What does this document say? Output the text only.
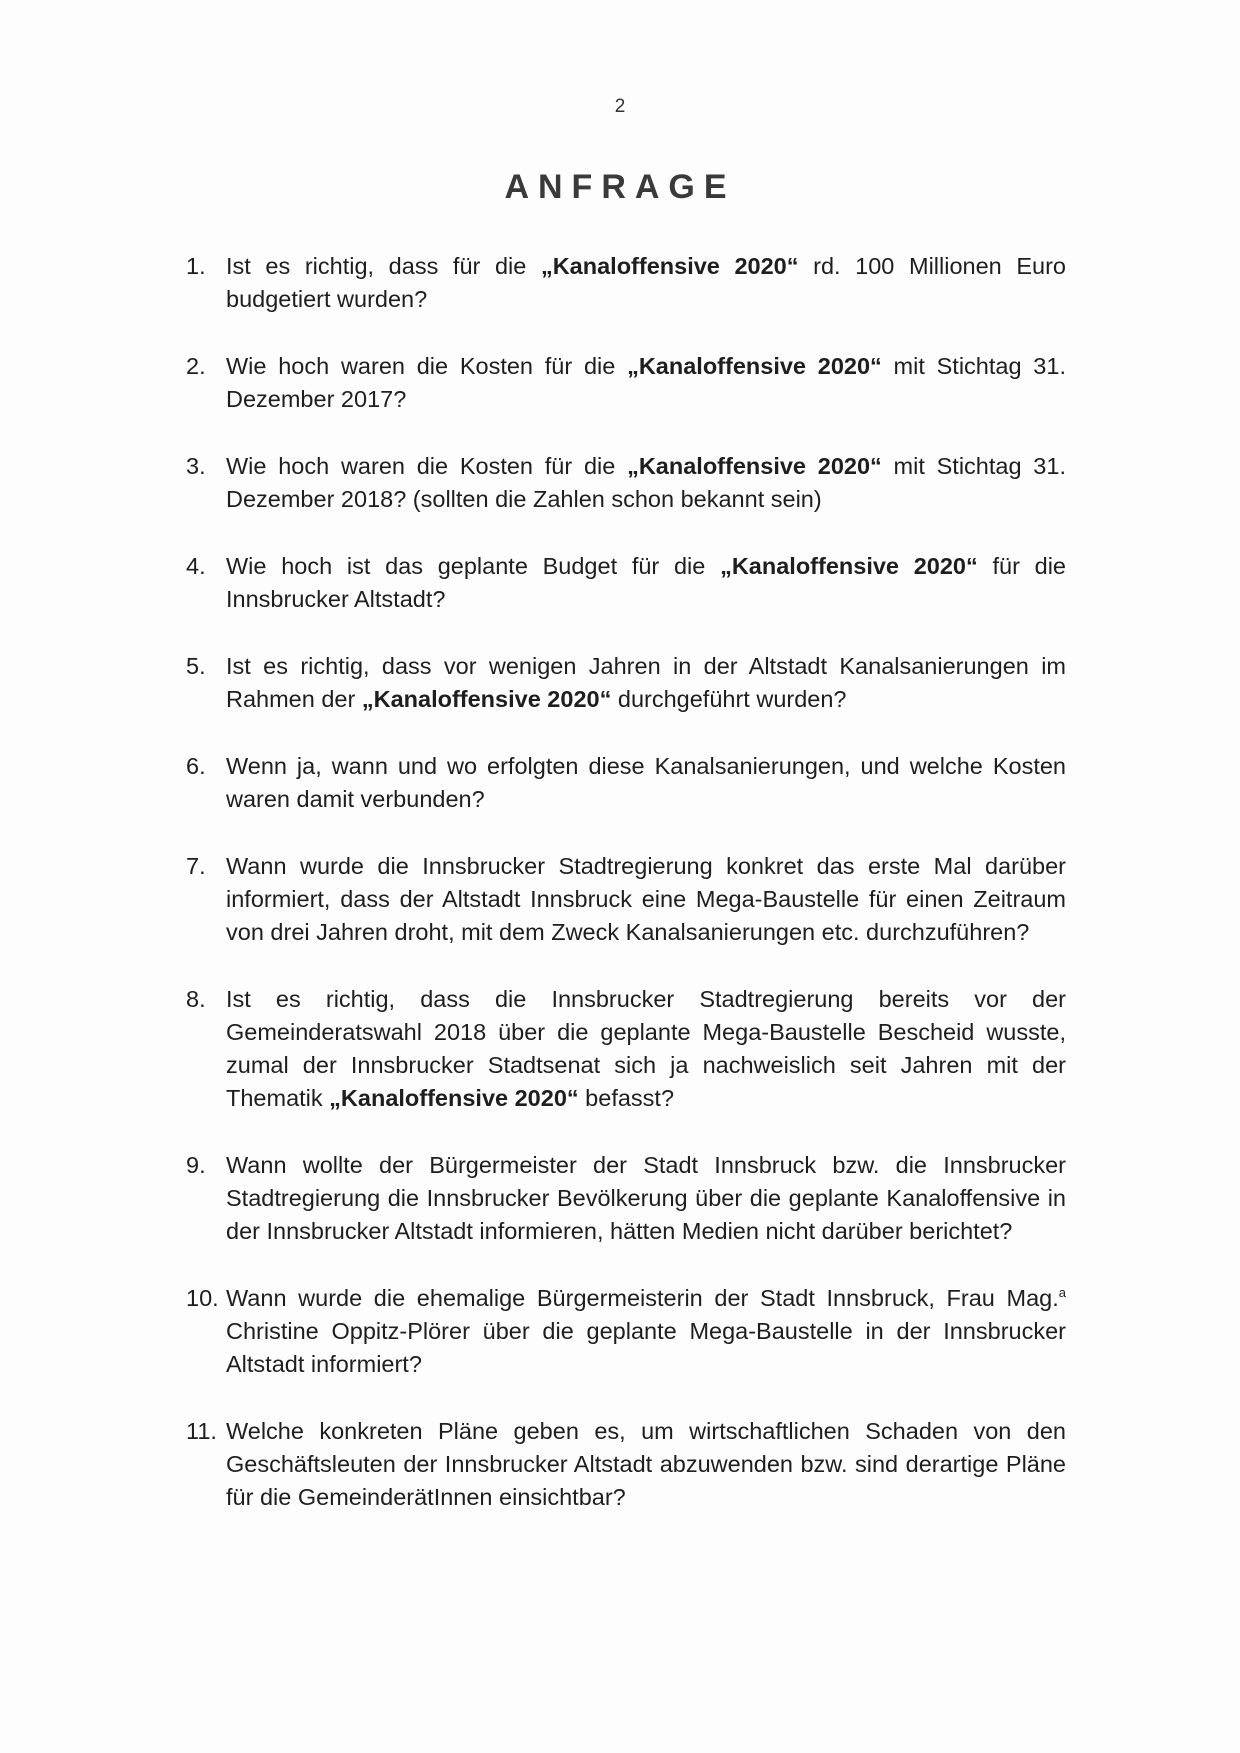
2
ANFRAGE
1. Ist es richtig, dass für die „Kanaloffensive 2020“ rd. 100 Millionen Euro budgetiert wurden?
2. Wie hoch waren die Kosten für die „Kanaloffensive 2020“ mit Stichtag 31. Dezember 2017?
3. Wie hoch waren die Kosten für die „Kanaloffensive 2020“ mit Stichtag 31. Dezember 2018? (sollten die Zahlen schon bekannt sein)
4. Wie hoch ist das geplante Budget für die „Kanaloffensive 2020“ für die Innsbrucker Altstadt?
5. Ist es richtig, dass vor wenigen Jahren in der Altstadt Kanalsanierungen im Rahmen der „Kanaloffensive 2020“ durchgeführt wurden?
6. Wenn ja, wann und wo erfolgten diese Kanalsanierungen, und welche Kosten waren damit verbunden?
7. Wann wurde die Innsbrucker Stadtregierung konkret das erste Mal darüber informiert, dass der Altstadt Innsbruck eine Mega-Baustelle für einen Zeitraum von drei Jahren droht, mit dem Zweck Kanalsanierungen etc. durchzuführen?
8. Ist es richtig, dass die Innsbrucker Stadtregierung bereits vor der Gemeinderatswahl 2018 über die geplante Mega-Baustelle Bescheid wusste, zumal der Innsbrucker Stadtsenat sich ja nachweislich seit Jahren mit der Thematik „Kanaloffensive 2020“ befasst?
9. Wann wollte der Bürgermeister der Stadt Innsbruck bzw. die Innsbrucker Stadtregierung die Innsbrucker Bevölkerung über die geplante Kanaloffensive in der Innsbrucker Altstadt informieren, hätten Medien nicht darüber berichtet?
10. Wann wurde die ehemalige Bürgermeisterin der Stadt Innsbruck, Frau Mag.$^a$ Christine Oppitz-Plörer über die geplante Mega-Baustelle in der Innsbrucker Altstadt informiert?
11. Welche konkreten Pläne geben es, um wirtschaftlichen Schaden von den Geschäftsleuten der Innsbrucker Altstadt abzuwenden bzw. sind derartige Pläne für die GemeinderätInnen einsichtbar?
